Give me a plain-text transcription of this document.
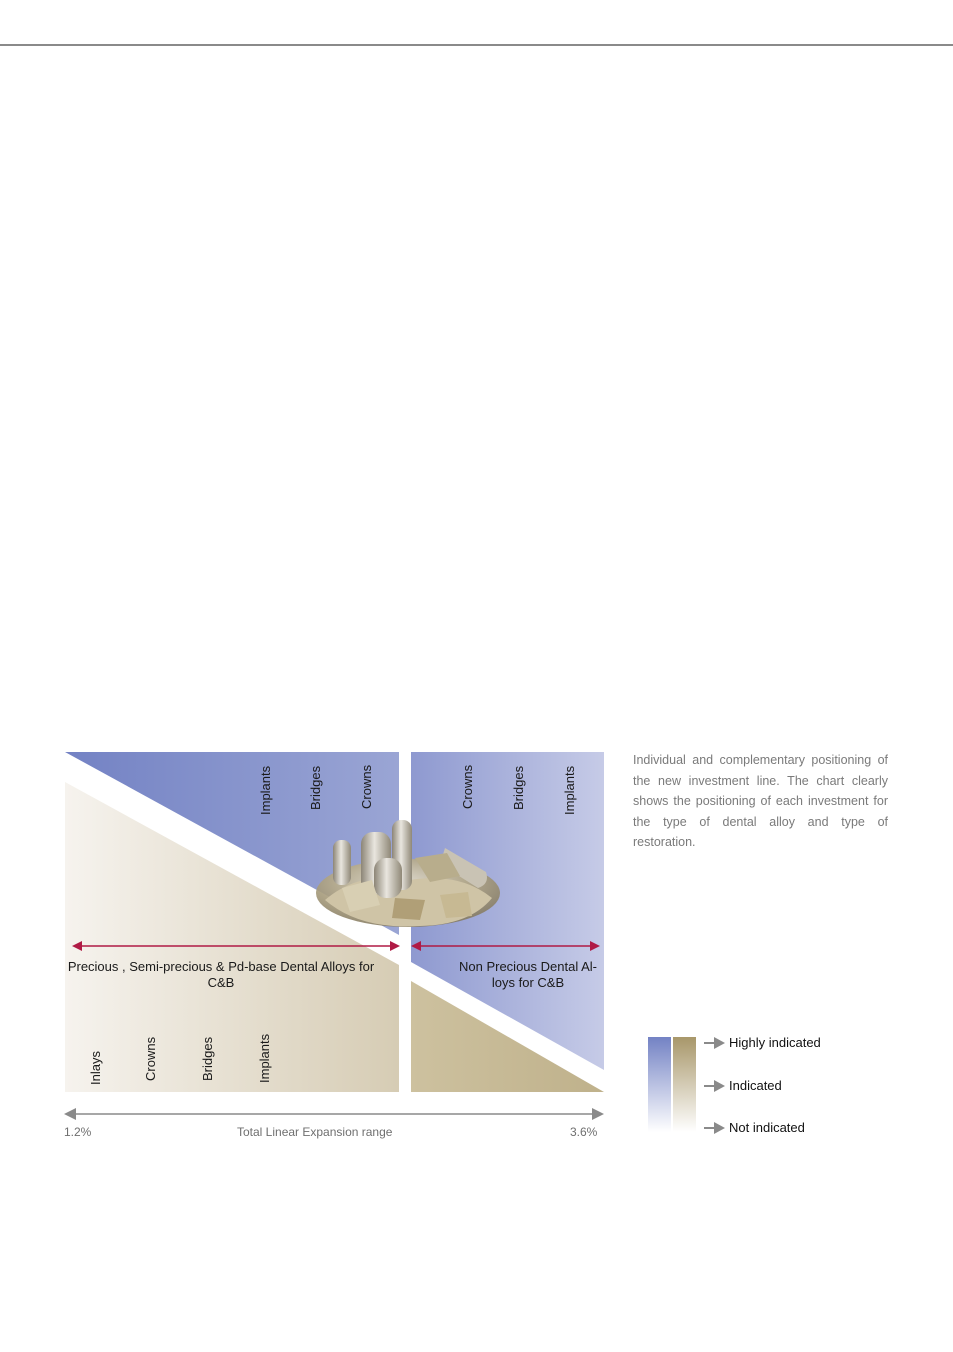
Implants	Bridges	Crowns	Crowns	Bridges	Implants
Inlays	Crowns	Bridges	Implants
Precious , Semi-precious & Pd-base Dental Alloys for C&B
Non Precious Dental Al-loys for C&B
1.2%	Total Linear Expansion range	3.6%
Individual and complementary positioning of the new investment line. The chart clearly shows the positioning of each investment for the type of dental alloy and type of restoration.
Highly indicated
Indicated
Not indicated
